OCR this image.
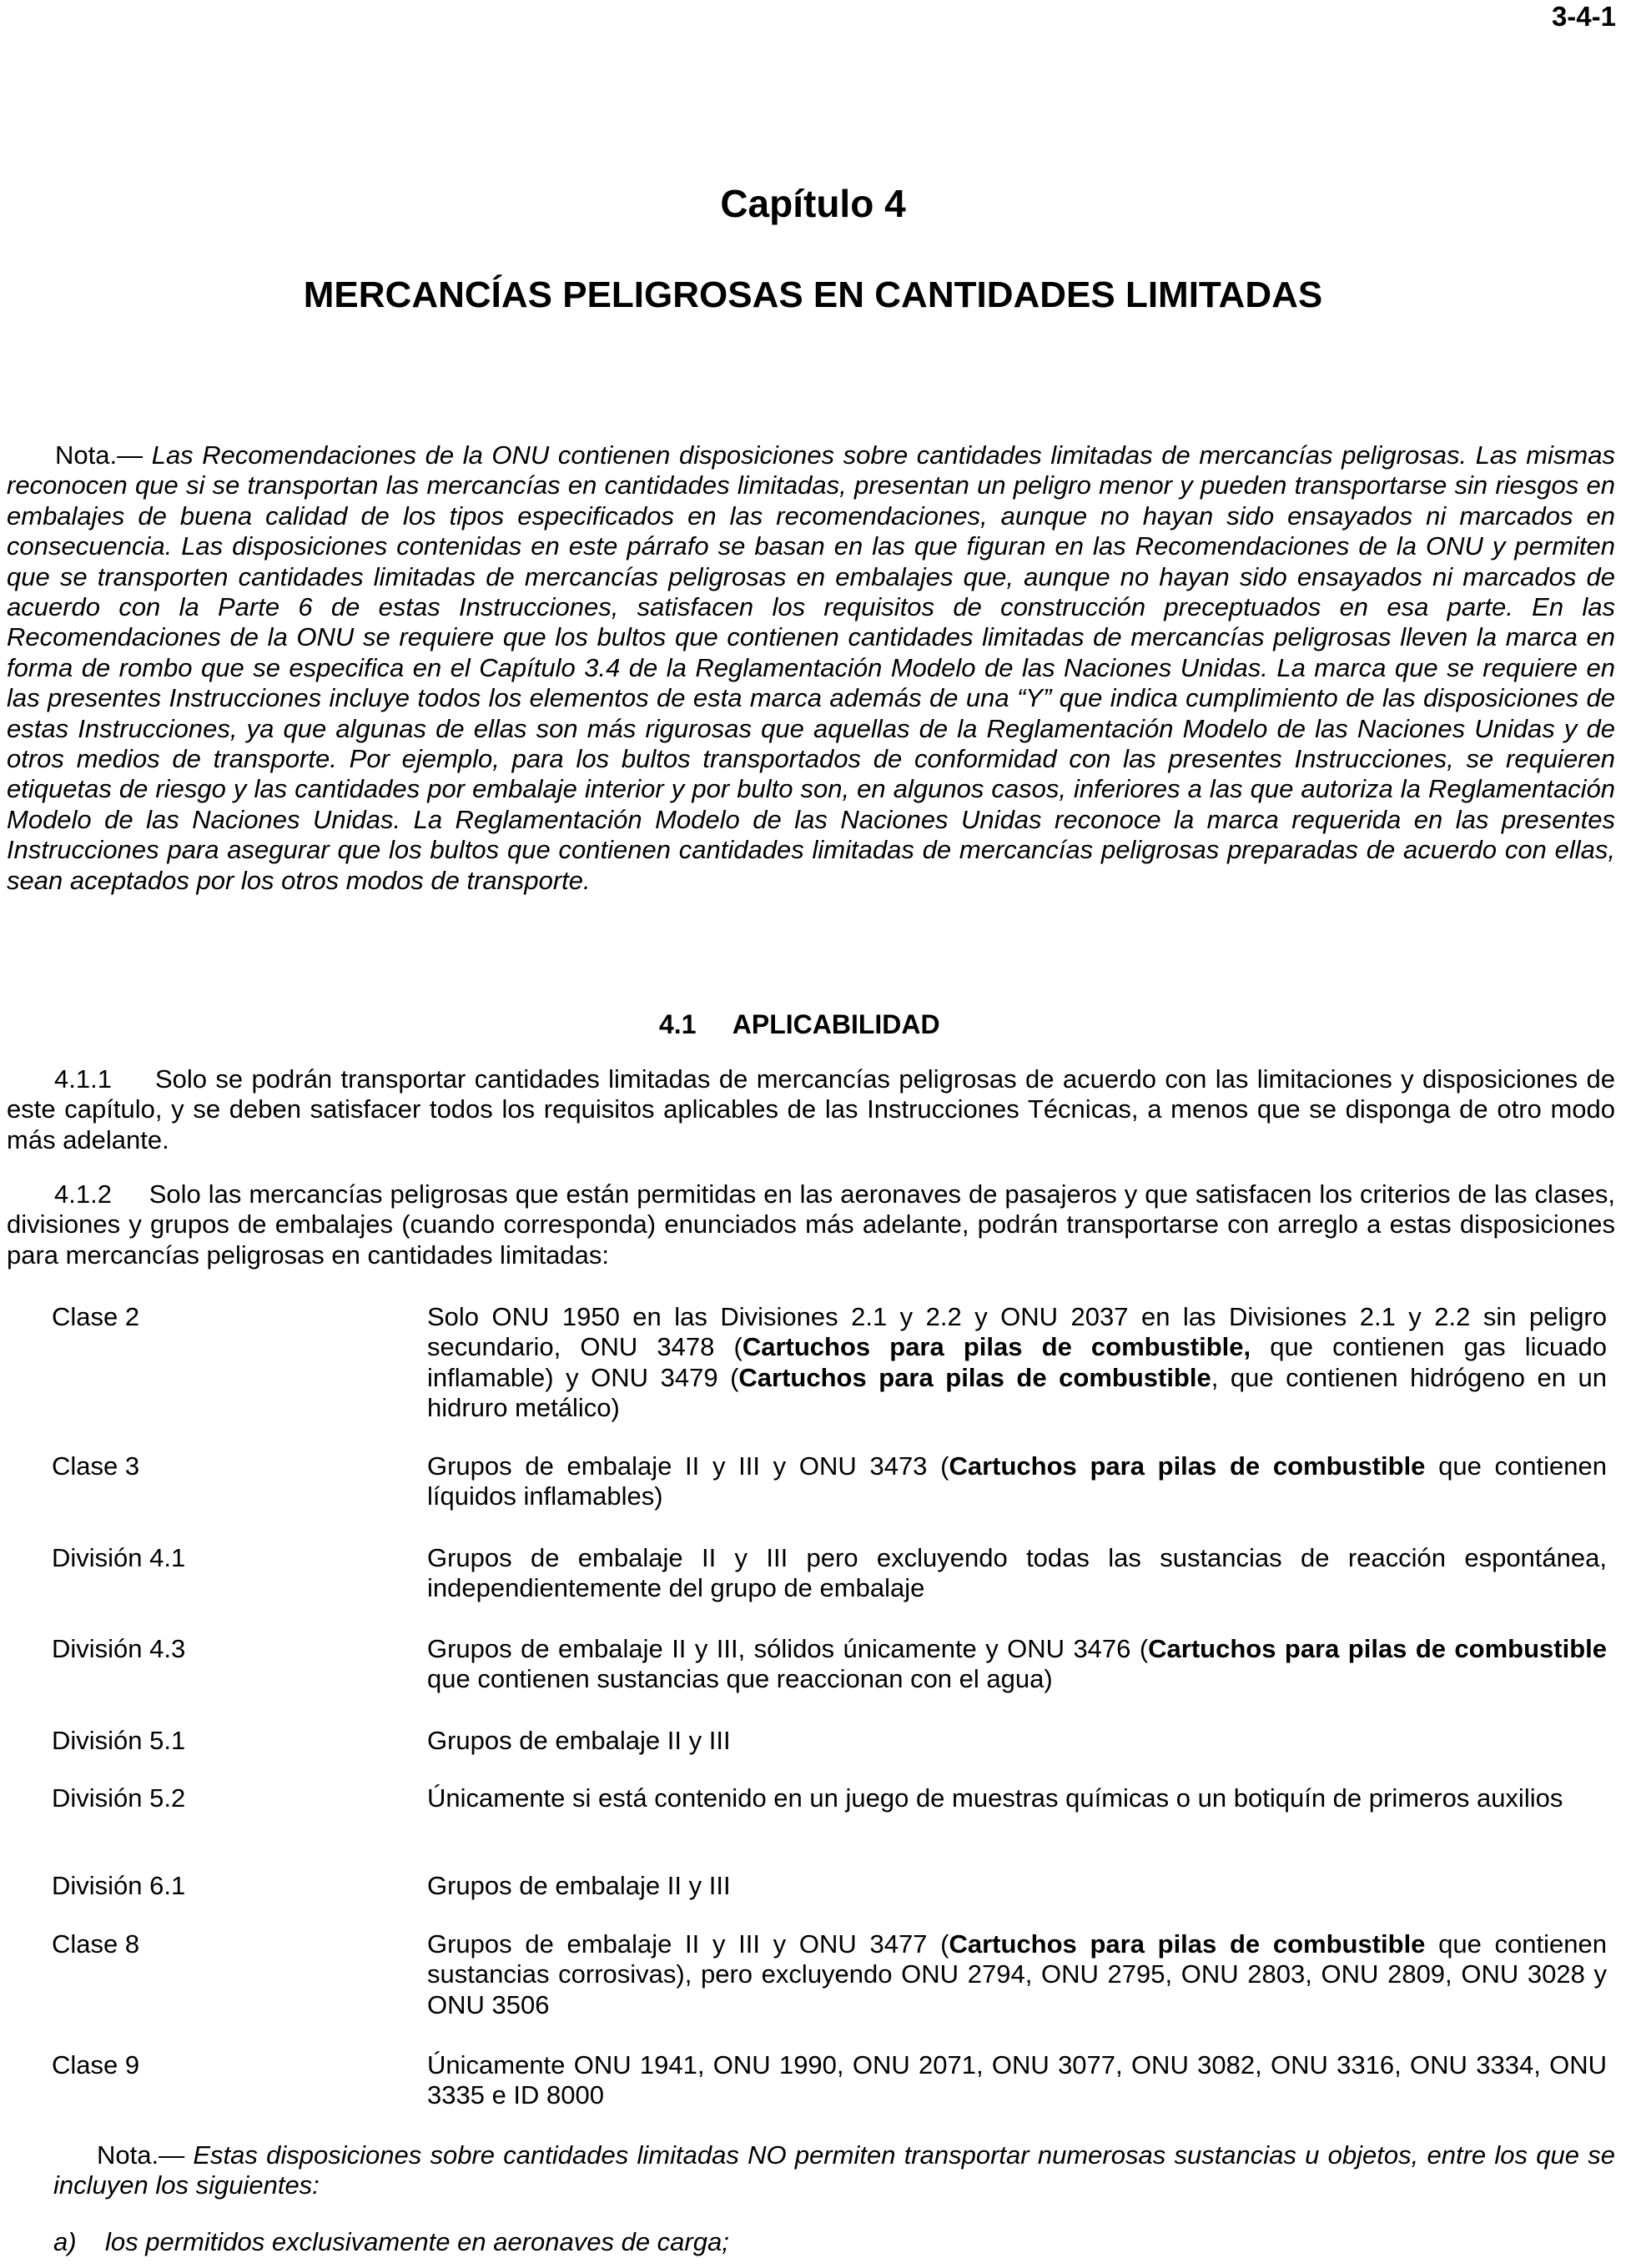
3-4-1
Capítulo 4
MERCANCÍAS PELIGROSAS EN CANTIDADES LIMITADAS

Nota.— Las Recomendaciones de la ONU contienen disposiciones sobre cantidades limitadas de mercancías peligrosas. Las mismas reconocen que si se transportan las mercancías en cantidades limitadas, presentan un peligro menor y pueden transportarse sin riesgos en embalajes de buena calidad de los tipos especificados en las recomendaciones, aunque no hayan sido ensayados ni marcados en consecuencia. Las disposiciones contenidas en este párrafo se basan en las que figuran en las Recomendaciones de la ONU y permiten que se transporten cantidades limitadas de mercancías peligrosas en embalajes que, aunque no hayan sido ensayados ni marcados de acuerdo con la Parte 6 de estas Instrucciones, satisfacen los requisitos de construcción preceptuados en esa parte. En las Recomendaciones de la ONU se requiere que los bultos que contienen cantidades limitadas de mercancías peligrosas lleven la marca en forma de rombo que se especifica en el Capítulo 3.4 de la Reglamentación Modelo de las Naciones Unidas. La marca que se requiere en las presentes Instrucciones incluye todos los elementos de esta marca además de una “Y” que indica cumplimiento de las disposiciones de estas Instrucciones, ya que algunas de ellas son más rigurosas que aquellas de la Reglamentación Modelo de las Naciones Unidas y de otros medios de transporte. Por ejemplo, para los bultos transportados de conformidad con las presentes Instrucciones, se requieren etiquetas de riesgo y las cantidades por embalaje interior y por bulto son, en algunos casos, inferiores a las que autoriza la Reglamentación Modelo de las Naciones Unidas. La Reglamentación Modelo de las Naciones Unidas reconoce la marca requerida en las presentes Instrucciones para asegurar que los bultos que contienen cantidades limitadas de mercancías peligrosas preparadas de acuerdo con ellas, sean aceptados por los otros modos de transporte.

4.1 APLICABILIDAD

4.1.1 Solo se podrán transportar cantidades limitadas de mercancías peligrosas de acuerdo con las limitaciones y disposiciones de este capítulo, y se deben satisfacer todos los requisitos aplicables de las Instrucciones Técnicas, a menos que se disponga de otro modo más adelante.

4.1.2 Solo las mercancías peligrosas que están permitidas en las aeronaves de pasajeros y que satisfacen los criterios de las clases, divisiones y grupos de embalajes (cuando corresponda) enunciados más adelante, podrán transportarse con arreglo a estas disposiciones para mercancías peligrosas en cantidades limitadas:

Clase 2	Solo ONU 1950 en las Divisiones 2.1 y 2.2 y ONU 2037 en las Divisiones 2.1 y 2.2 sin peligro secundario, ONU 3478 (Cartuchos para pilas de combustible, que contienen gas licuado inflamable) y ONU 3479 (Cartuchos para pilas de combustible, que contienen hidrógeno en un hidruro metálico)

Clase 3	Grupos de embalaje II y III y ONU 3473 (Cartuchos para pilas de combustible que contienen líquidos inflamables)

División 4.1	Grupos de embalaje II y III pero excluyendo todas las sustancias de reacción espontánea, independientemente del grupo de embalaje

División 4.3	Grupos de embalaje II y III, sólidos únicamente y ONU 3476 (Cartuchos para pilas de combustible que contienen sustancias que reaccionan con el agua)

División 5.1	Grupos de embalaje II y III

División 5.2	Únicamente si está contenido en un juego de muestras químicas o un botiquín de primeros auxilios

División 6.1	Grupos de embalaje II y III

Clase 8	Grupos de embalaje II y III y ONU 3477 (Cartuchos para pilas de combustible que contienen sustancias corrosivas), pero excluyendo ONU 2794, ONU 2795, ONU 2803, ONU 2809, ONU 3028 y ONU 3506

Clase 9	Únicamente ONU 1941, ONU 1990, ONU 2071, ONU 3077, ONU 3082, ONU 3316, ONU 3334, ONU 3335 e ID 8000

Nota.— Estas disposiciones sobre cantidades limitadas NO permiten transportar numerosas sustancias u objetos, entre los que se incluyen los siguientes:

a) los permitidos exclusivamente en aeronaves de carga;
